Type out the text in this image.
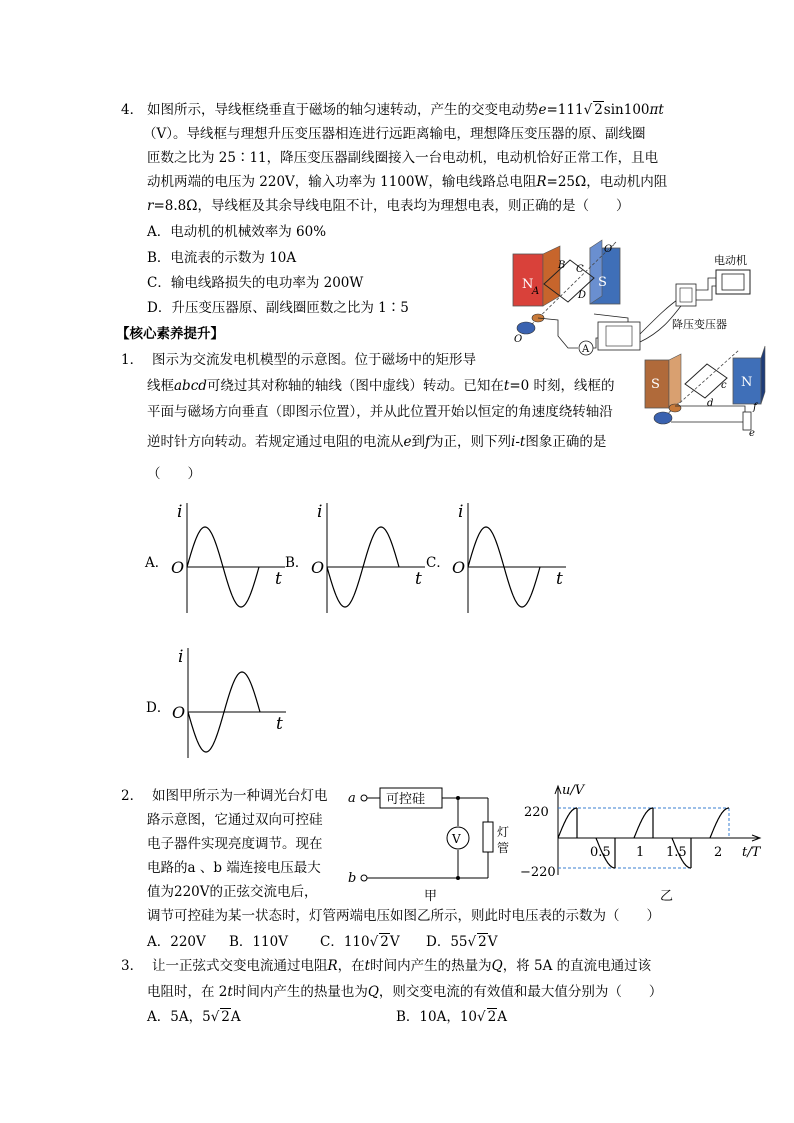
4． 如图所示，导线框绕垂直于磁场的轴匀速转动，产生的交变电动势e=111√ 2sin100πt
（V）。导线框与理想升压变压器相连进行远距离输电，理想降压变压器的原、副线圈
匝数之比为 25∶11，降压变压器副线圈接入一台电动机，电动机恰好正常工作，且电
动机两端的电压为 220V，输入功率为 1100W，输电线路总电阻R=25Ω，电动机内阻
r=8.8Ω，导线框及其余导线电阻不计，电表均为理想电表，则正确的是（　　）
A．电动机的机械效率为 60%
B．电流表的示数为 10A
C．输电线路损失的电功率为 200W
D．升压变压器原、副线圈匝数之比为 1∶5
N	S
B C
D
A
O′
O
A
降压变压器
电动机
【核心素养提升】
1． 图示为交流发电机模型的示意图。位于磁场中的矩形导
线框abcd可绕过其对称轴的轴线（图中虚线）转动。已知在t=0 时刻，线框的
平面与磁场方向垂直（即图示位置），并从此位置开始以恒定的角速度绕转轴沿
逆时针方向转动。若规定通过电阻的电流从e到f为正，则下列i-t图象正确的是
（　　）
S	N
c
d	f
e
A．
i
O
t
B．
i
O
t
C．
i
O
t
D．
i
O
t
2． 如图甲所示为一种调光台灯电
路示意图，它通过双向可控硅
电子器件实现亮度调节。现在
电路的a 、b 端连接电压最大
值为220V的正弦交流电后，
调节可控硅为某一状态时，灯管两端电压如图乙所示，则此时电压表的示数为（　　）
A．220V B．110V C．110√ 2V D．55√ 2V
a
b
可控硅
V	灯
管
甲
u/V
t/T
220
−220
0.5 1 1.5 2
乙
3． 让一正弦式交变电流通过电阻R，在t时间内产生的热量为Q，将 5A 的直流电通过该
电阻时，在 2t时间内产生的热量也为Q，则交变电流的有效值和最大值分别为（　　）
A．5A，5√ 2A	B．10A，10√ 2A
